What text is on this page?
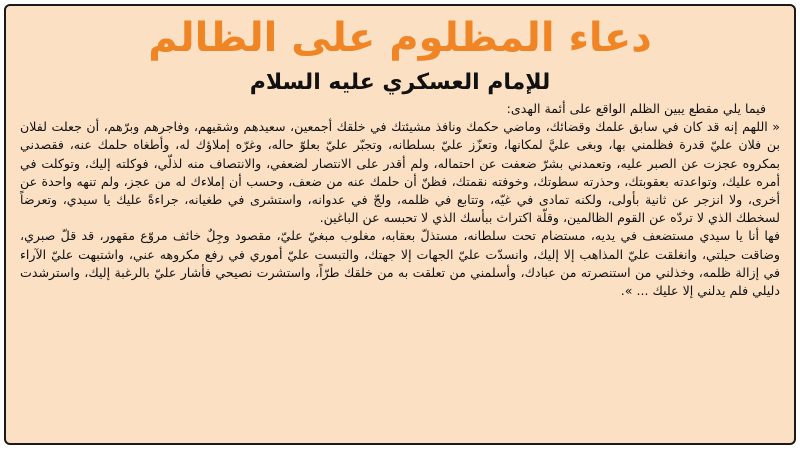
دعاء المظلوم على الظالم
للإمام العسكري عليه السلام

فيما يلي مقطع يبين الظلم الواقع على أئمة الهدى:

« اللهم إنه قد كان في سابق علمك وقضائك، وماضي حكمك ونافذ مشيئتك في خلقك أجمعين، سعيدهم وشقيهم، وفاجرهم وبرّهم، أن جعلت لفلان بن فلان عليّ قدرة فظلمني بها، وبغى عليَّ لمكانها، وتعزّز عليّ بسلطانه، وتجبّر عليّ بعلوّ حاله، وغرّه إملاؤك له، وأطغاه حلمك عنه، فقصدني بمكروه عجزت عن الصبر عليه، وتعمدني بشرّ ضعفت عن احتماله، ولم أقدر على الانتصار لضعفي، والانتصاف منه لذلّي، فوكلته إليك، وتوكلت في أمره عليك، وتواعدته بعقوبتك، وحذرته سطوتك، وخوفته نقمتك، فظنّ أن حلمك عنه من ضعف، وحسب أن إملاءك له من عجز، ولم تنهه واحدة عن أخرى، ولا انزجر عن ثانية بأولى، ولكنه تمادى في غيّه، وتتابع في ظلمه، ولجّ في عدوانه، واستشرى في طغيانه، جراءةً عليك يا سيدي، وتعرضاً لسخطك الذي لا تردّه عن القوم الظالمين، وقلّة اكتراث ببأسك الذي لا تحبسه عن الباغين.

فها أنا يا سيدي مستضعف في يديه، مستضام تحت سلطانه، مستذلّ بعقابه، مغلوب مبغيّ عليّ، مقصود وجِلٌ خائف مروّع مقهور، قد قلّ صبري، وضاقت حيلتي، وانغلقت عليّ المذاهب إلا إليك، وانسدّت عليّ الجهات إلا جهتك، والتبست عليّ أموري في رفع مكروهه عني، واشتبهت عليّ الآراء في إزالة ظلمه، وخذلني من استنصرته من عبادك، وأسلمني من تعلقت به من خلقك طرّاً، واستشرت نصيحي فأشار عليّ بالرغبة إليك، واسترشدت دليلي فلم يدلني إلا عليك ... ».
